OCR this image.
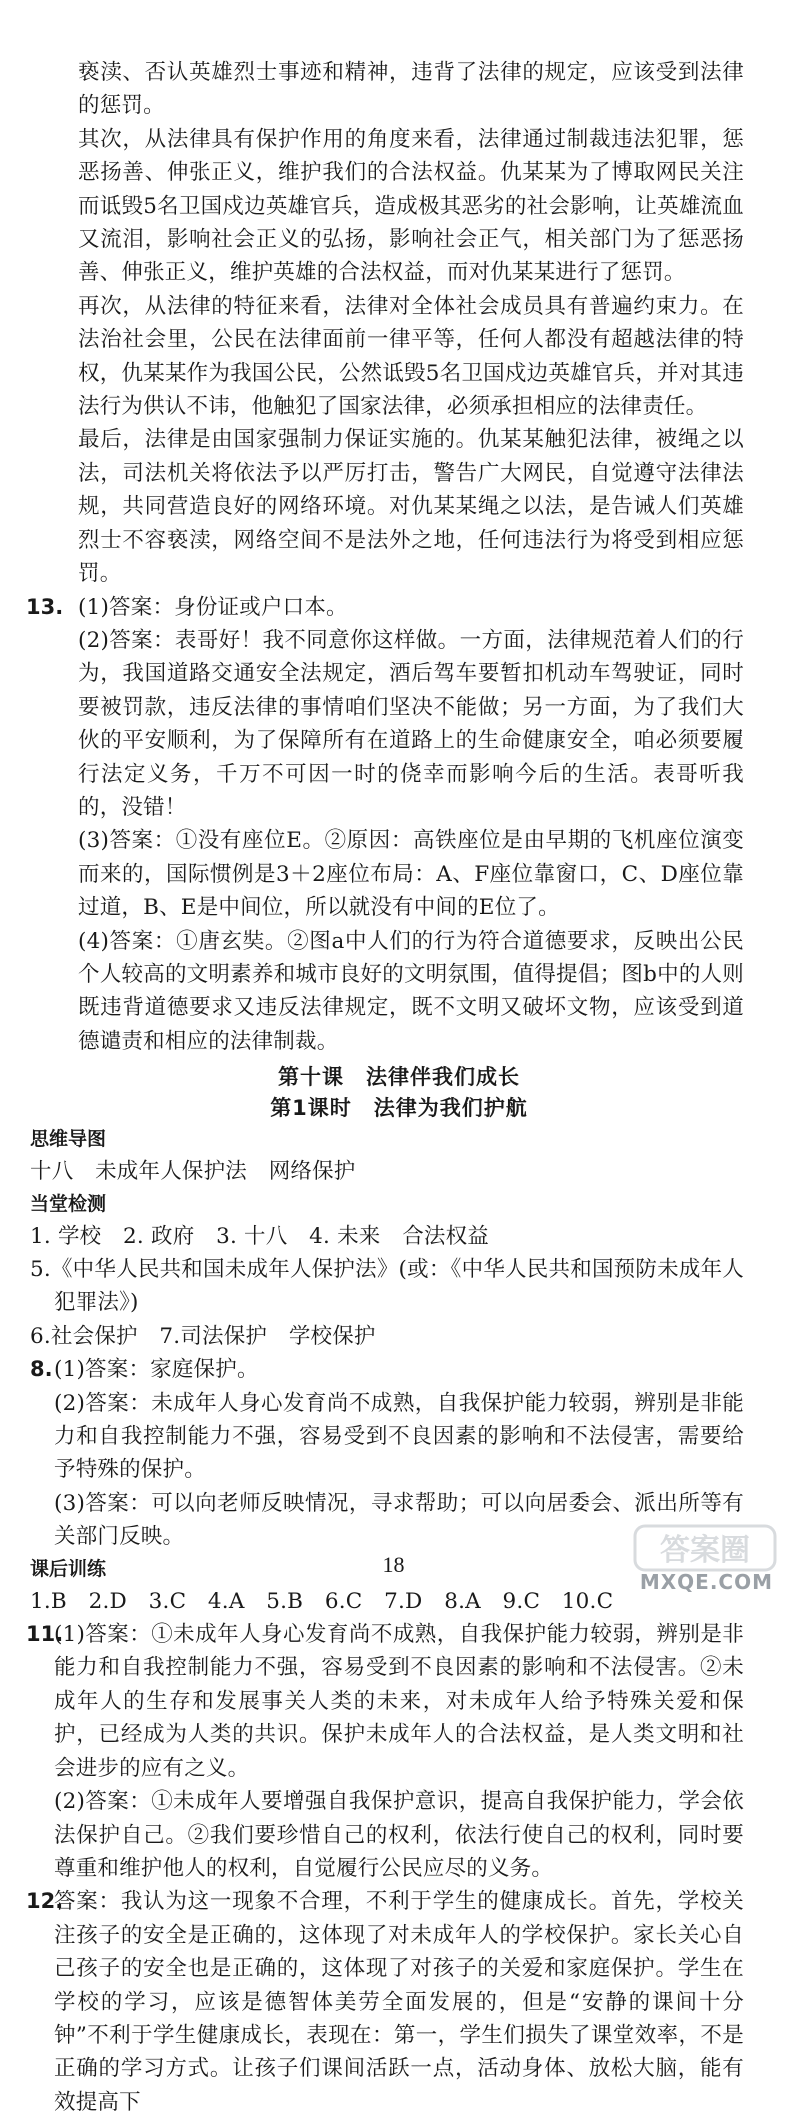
亵渎、否认英雄烈士事迹和精神，违背了法律的规定，应该受到法律的惩罚。

其次，从法律具有保护作用的角度来看，法律通过制裁违法犯罪，惩恶扬善、伸张正义，维护我们的合法权益。仇某某为了博取网民关注而诋毁5名卫国戍边英雄官兵，造成极其恶劣的社会影响，让英雄流血又流泪，影响社会正义的弘扬，影响社会正气，相关部门为了惩恶扬善、伸张正义，维护英雄的合法权益，而对仇某某进行了惩罚。

再次，从法律的特征来看，法律对全体社会成员具有普遍约束力。在法治社会里，公民在法律面前一律平等，任何人都没有超越法律的特权，仇某某作为我国公民，公然诋毁5名卫国戍边英雄官兵，并对其违法行为供认不讳，他触犯了国家法律，必须承担相应的法律责任。

最后，法律是由国家强制力保证实施的。仇某某触犯法律，被绳之以法，司法机关将依法予以严厉打击，警告广大网民，自觉遵守法律法规，共同营造良好的网络环境。对仇某某绳之以法，是告诫人们英雄烈士不容亵渎，网络空间不是法外之地，任何违法行为将受到相应惩罚。

13. (1)答案：身份证或户口本。

(2)答案：表哥好！我不同意你这样做。一方面，法律规范着人们的行为，我国道路交通安全法规定，酒后驾车要暂扣机动车驾驶证，同时要被罚款，违反法律的事情咱们坚决不能做；另一方面，为了我们大伙的平安顺利，为了保障所有在道路上的生命健康安全，咱必须要履行法定义务，千万不可因一时的侥幸而影响今后的生活。表哥听我的，没错！

(3)答案：①没有座位E。②原因：高铁座位是由早期的飞机座位演变而来的，国际惯例是3＋2座位布局：A、F座位靠窗口，C、D座位靠过道，B、E是中间位，所以就没有中间的E位了。

(4)答案：①唐玄奘。②图a中人们的行为符合道德要求，反映出公民个人较高的文明素养和城市良好的文明氛围，值得提倡；图b中的人则既违背道德要求又违反法律规定，既不文明又破坏文物，应该受到道德谴责和相应的法律制裁。

第十课　法律伴我们成长

第1课时　法律为我们护航

思维导图

十八　未成年人保护法　网络保护

当堂检测

1. 学校　2. 政府　3. 十八　4. 未来　合法权益

5.《中华人民共和国未成年人保护法》(或：《中华人民共和国预防未成年人犯罪法》)

6.社会保护　7.司法保护　学校保护

8. (1)答案：家庭保护。

(2)答案：未成年人身心发育尚不成熟，自我保护能力较弱，辨别是非能力和自我控制能力不强，容易受到不良因素的影响和不法侵害，需要给予特殊的保护。

(3)答案：可以向老师反映情况，寻求帮助；可以向居委会、派出所等有关部门反映。

课后训练

1.B　2.D　3.C　4.A　5.B　6.C　7.D　8.A　9.C　10.C

11.

(1)答案：①未成年人身心发育尚不成熟，自我保护能力较弱，辨别是非能力和自我控制能力不强，容易受到不良因素的影响和不法侵害。②未成年人的生存和发展事关人类的未来，对未成年人给予特殊关爱和保护，已经成为人类的共识。保护未成年人的合法权益，是人类文明和社会进步的应有之义。

(2)答案：①未成年人要增强自我保护意识，提高自我保护能力，学会依法保护自己。②我们要珍惜自己的权利，依法行使自己的权利，同时要尊重和维护他人的权利，自觉履行公民应尽的义务。

12.

答案：我认为这一现象不合理，不利于学生的健康成长。首先，学校关注孩子的安全是正确的，这体现了对未成年人的学校保护。家长关心自己孩子的安全也是正确的，这体现了对孩子的关爱和家庭保护。学生在学校的学习，应该是德智体美劳全面发展的，但是“安静的课间十分钟”不利于学生健康成长，表现在：第一，学生们损失了课堂效率，不是正确的学习方式。让孩子们课间活跃一点，活动身体、放松大脑，能有效提高下

18	答案圈
MXQE.COM
